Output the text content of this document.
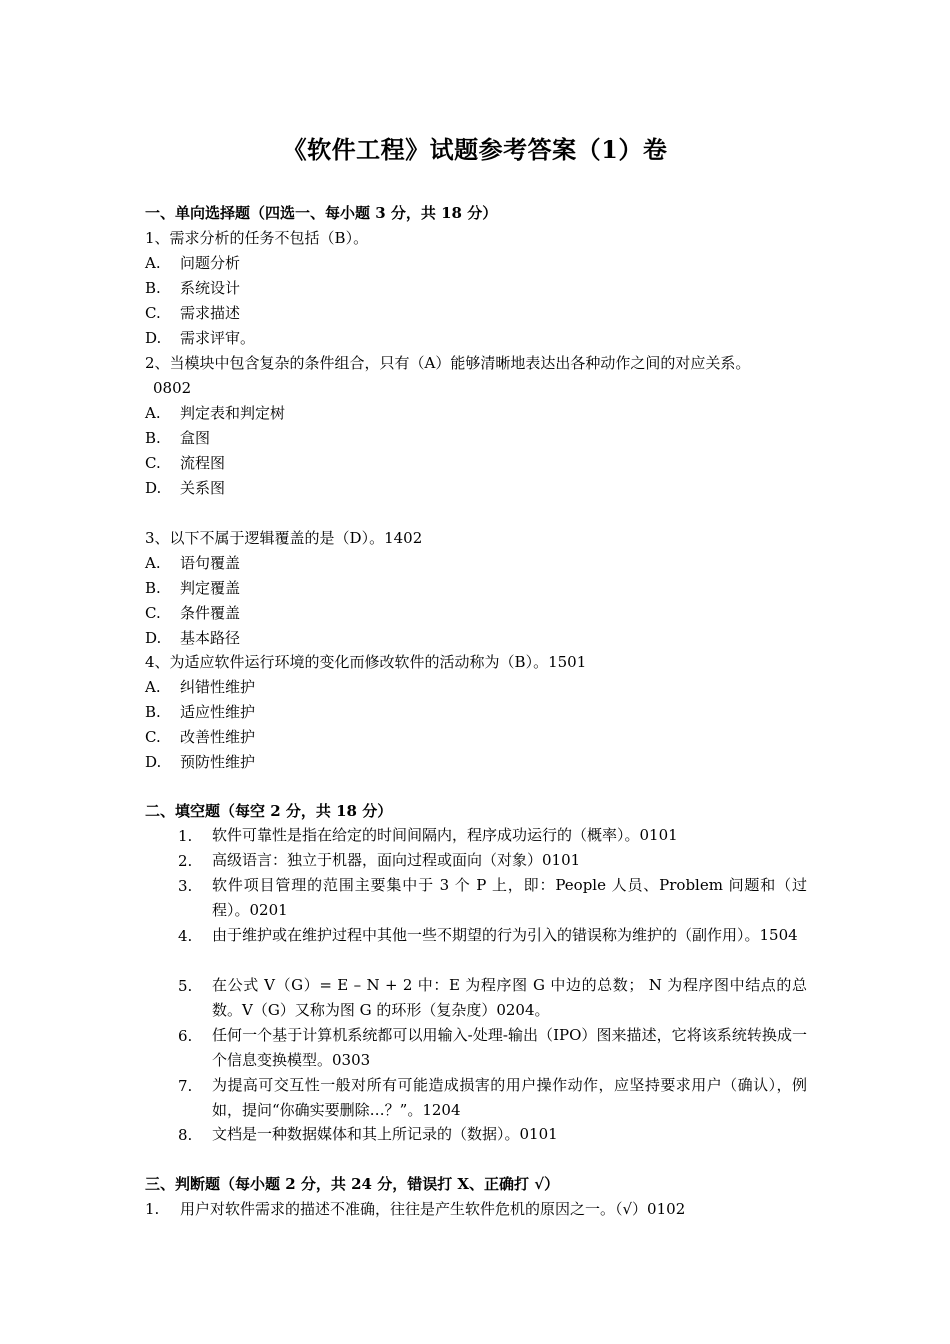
《软件工程》试题参考答案（1）卷
一、单向选择题（四选一、每小题 3 分，共 18 分）
1、需求分析的任务不包括（B）。
A. 问题分析
B. 系统设计
C. 需求描述
D. 需求评审。
2、当模块中包含复杂的条件组合，只有（A）能够清晰地表达出各种动作之间的对应关系。
0802
A. 判定表和判定树
B. 盒图
C. 流程图
D. 关系图
3、以下不属于逻辑覆盖的是（D）。1402
A. 语句覆盖
B. 判定覆盖
C. 条件覆盖
D. 基本路径
4、为适应软件运行环境的变化而修改软件的活动称为（B）。1501
A. 纠错性维护
B. 适应性维护
C. 改善性维护
D. 预防性维护
二、填空题（每空 2 分，共 18 分）
1. 软件可靠性是指在给定的时间间隔内，程序成功运行的（概率）。0101
2. 高级语言：独立于机器，面向过程或面向（对象）0101
3. 软件项目管理的范围主要集中于 3 个 P 上，即：People 人员、Problem 问题和（过程）。0201
4. 由于维护或在维护过程中其他一些不期望的行为引入的错误称为维护的（副作用）。1504
5. 在公式 V（G）= E – N + 2 中：E 为程序图 G 中边的总数； N 为程序图中结点的总数。V（G）又称为图 G 的环形（复杂度）0204。
6. 任何一个基于计算机系统都可以用输入-处理-输出（IPO）图来描述，它将该系统转换成一个信息变换模型。0303
7. 为提高可交互性一般对所有可能造成损害的用户操作动作，应坚持要求用户（确认），例如，提问“你确实要删除…？”。1204
8. 文档是一种数据媒体和其上所记录的（数据）。0101
三、判断题（每小题 2 分，共 24 分，错误打 X、正确打 √）
1. 用户对软件需求的描述不准确，往往是产生软件危机的原因之一。（√）0102
